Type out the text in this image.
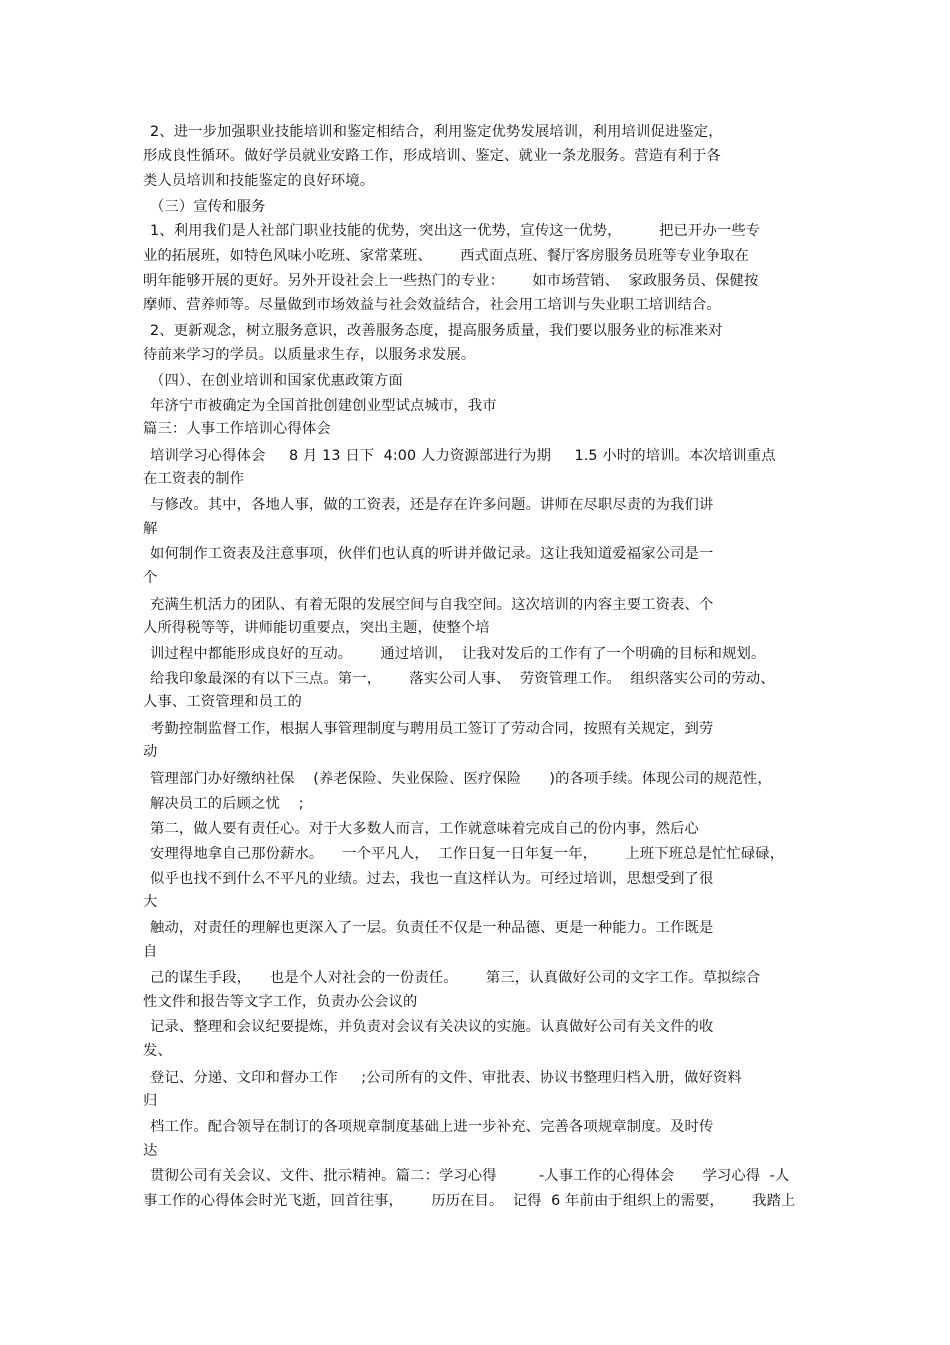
2、进一步加强职业技能培训和鉴定相结合，利用鉴定优势发展培训，利用培训促进鉴定，
形成良性循环。做好学员就业安路工作，形成培训、鉴定、就业一条龙服务。营造有利于各
类人员培训和技能鉴定的良好环境。
（三）宣传和服务
1、利用我们是人社部门职业技能的优势，突出这一优势，宣传这一优势，        把已开办一些专
业的拓展班，如特色风味小吃班、家常菜班、      西式面点班、餐厅客房服务员班等专业争取在
明年能够开展的更好。另外开设社会上一些热门的专业：      如市场营销、  家政服务员、保健按
摩师、营养师等。尽量做到市场效益与社会效益结合，社会用工培训与失业职工培训结合。
2、更新观念，树立服务意识，改善服务态度，提高服务质量，我们要以服务业的标准来对
待前来学习的学员。以质量求生存，以服务求发展。
（四）、在创业培训和国家优惠政策方面
年济宁市被确定为全国首批创建创业型试点城市，我市
篇三：人事工作培训心得体会
培训学习心得体会     8 月 13 日下  4:00 人力资源部进行为期     1.5 小时的培训。本次培训重点
在工资表的制作
与修改。其中，各地人事，做的工资表，还是存在许多问题。讲师在尽职尽责的为我们讲
解
如何制作工资表及注意事项，伙伴们也认真的听讲并做记录。这让我知道爱福家公司是一
个
充满生机活力的团队、有着无限的发展空间与自我空间。这次培训的内容主要工资表、个
人所得税等等，讲师能切重要点，突出主题，使整个培
训过程中都能形成良好的互动。      通过培训，  让我对发后的工作有了一个明确的目标和规划。
给我印象最深的有以下三点。第一，      落实公司人事、  劳资管理工作。  组织落实公司的劳动、
人事、工资管理和员工的
考勤控制监督工作，根据人事管理制度与聘用员工签订了劳动合同，按照有关规定，到劳
动
管理部门办好缴纳社保    (养老保险、失业保险、医疗保险      )的各项手续。体现公司的规范性，
解决员工的后顾之忧    ;
第二，做人要有责任心。对于大多数人而言，工作就意味着完成自己的份内事，然后心
安理得地拿自己那份薪水。    一个平凡人，  工作日复一日年复一年，      上班下班总是忙忙碌碌，
似乎也找不到什么不平凡的业绩。过去，我也一直这样认为。可经过培训，思想受到了很
大
触动，对责任的理解也更深入了一层。负责任不仅是一种品德、更是一种能力。工作既是
自
己的谋生手段，    也是个人对社会的一份责任。      第三，认真做好公司的文字工作。草拟综合
性文件和报告等文字工作，负责办公会议的
记录、整理和会议纪要提炼，并负责对会议有关决议的实施。认真做好公司有关文件的收
发、
登记、分递、文印和督办工作     ;公司所有的文件、审批表、协议书整理归档入册，做好资料
归
档工作。配合领导在制订的各项规章制度基础上进一步补充、完善各项规章制度。及时传
达
贯彻公司有关会议、文件、批示精神。篇二：学习心得         -人事工作的心得体会      学习心得  -人
事工作的心得体会时光飞逝，回首往事，      历历在目。  记得  6 年前由于组织上的需要，      我踏上
